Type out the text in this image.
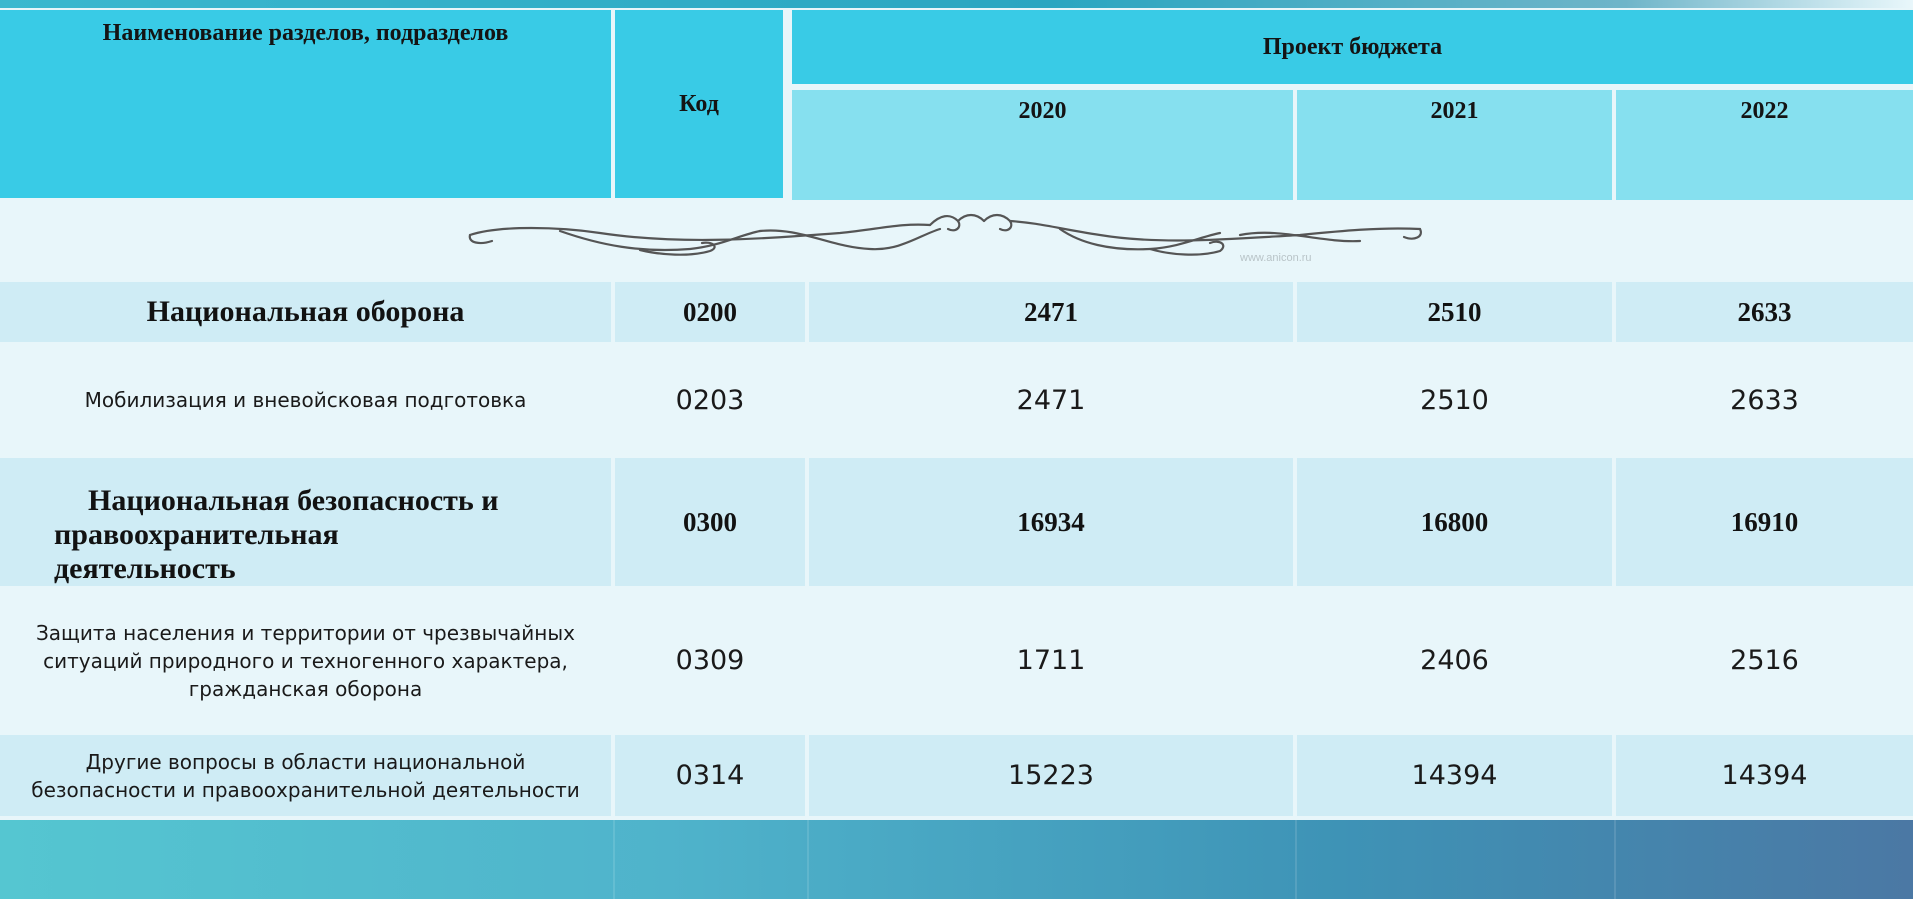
Наименование разделов, подразделов
Код
Проект бюджета
2020	2021	2022
www.anicon.ru
Национальная оборона	0200	2471	2510	2633
Мобилизация и вневойсковая подготовка	0203	2471	2510	2633
Национальная безопасность и
правоохранительная
деятельность
0300	16934	16800	16910
Защита населения и территории от чрезвычайных
ситуаций природного и техногенного характера,
гражданская оборона
0309	1711	2406	2516
Другие вопросы в области национальной
безопасности и правоохранительной деятельности	0314	15223	14394	14394
